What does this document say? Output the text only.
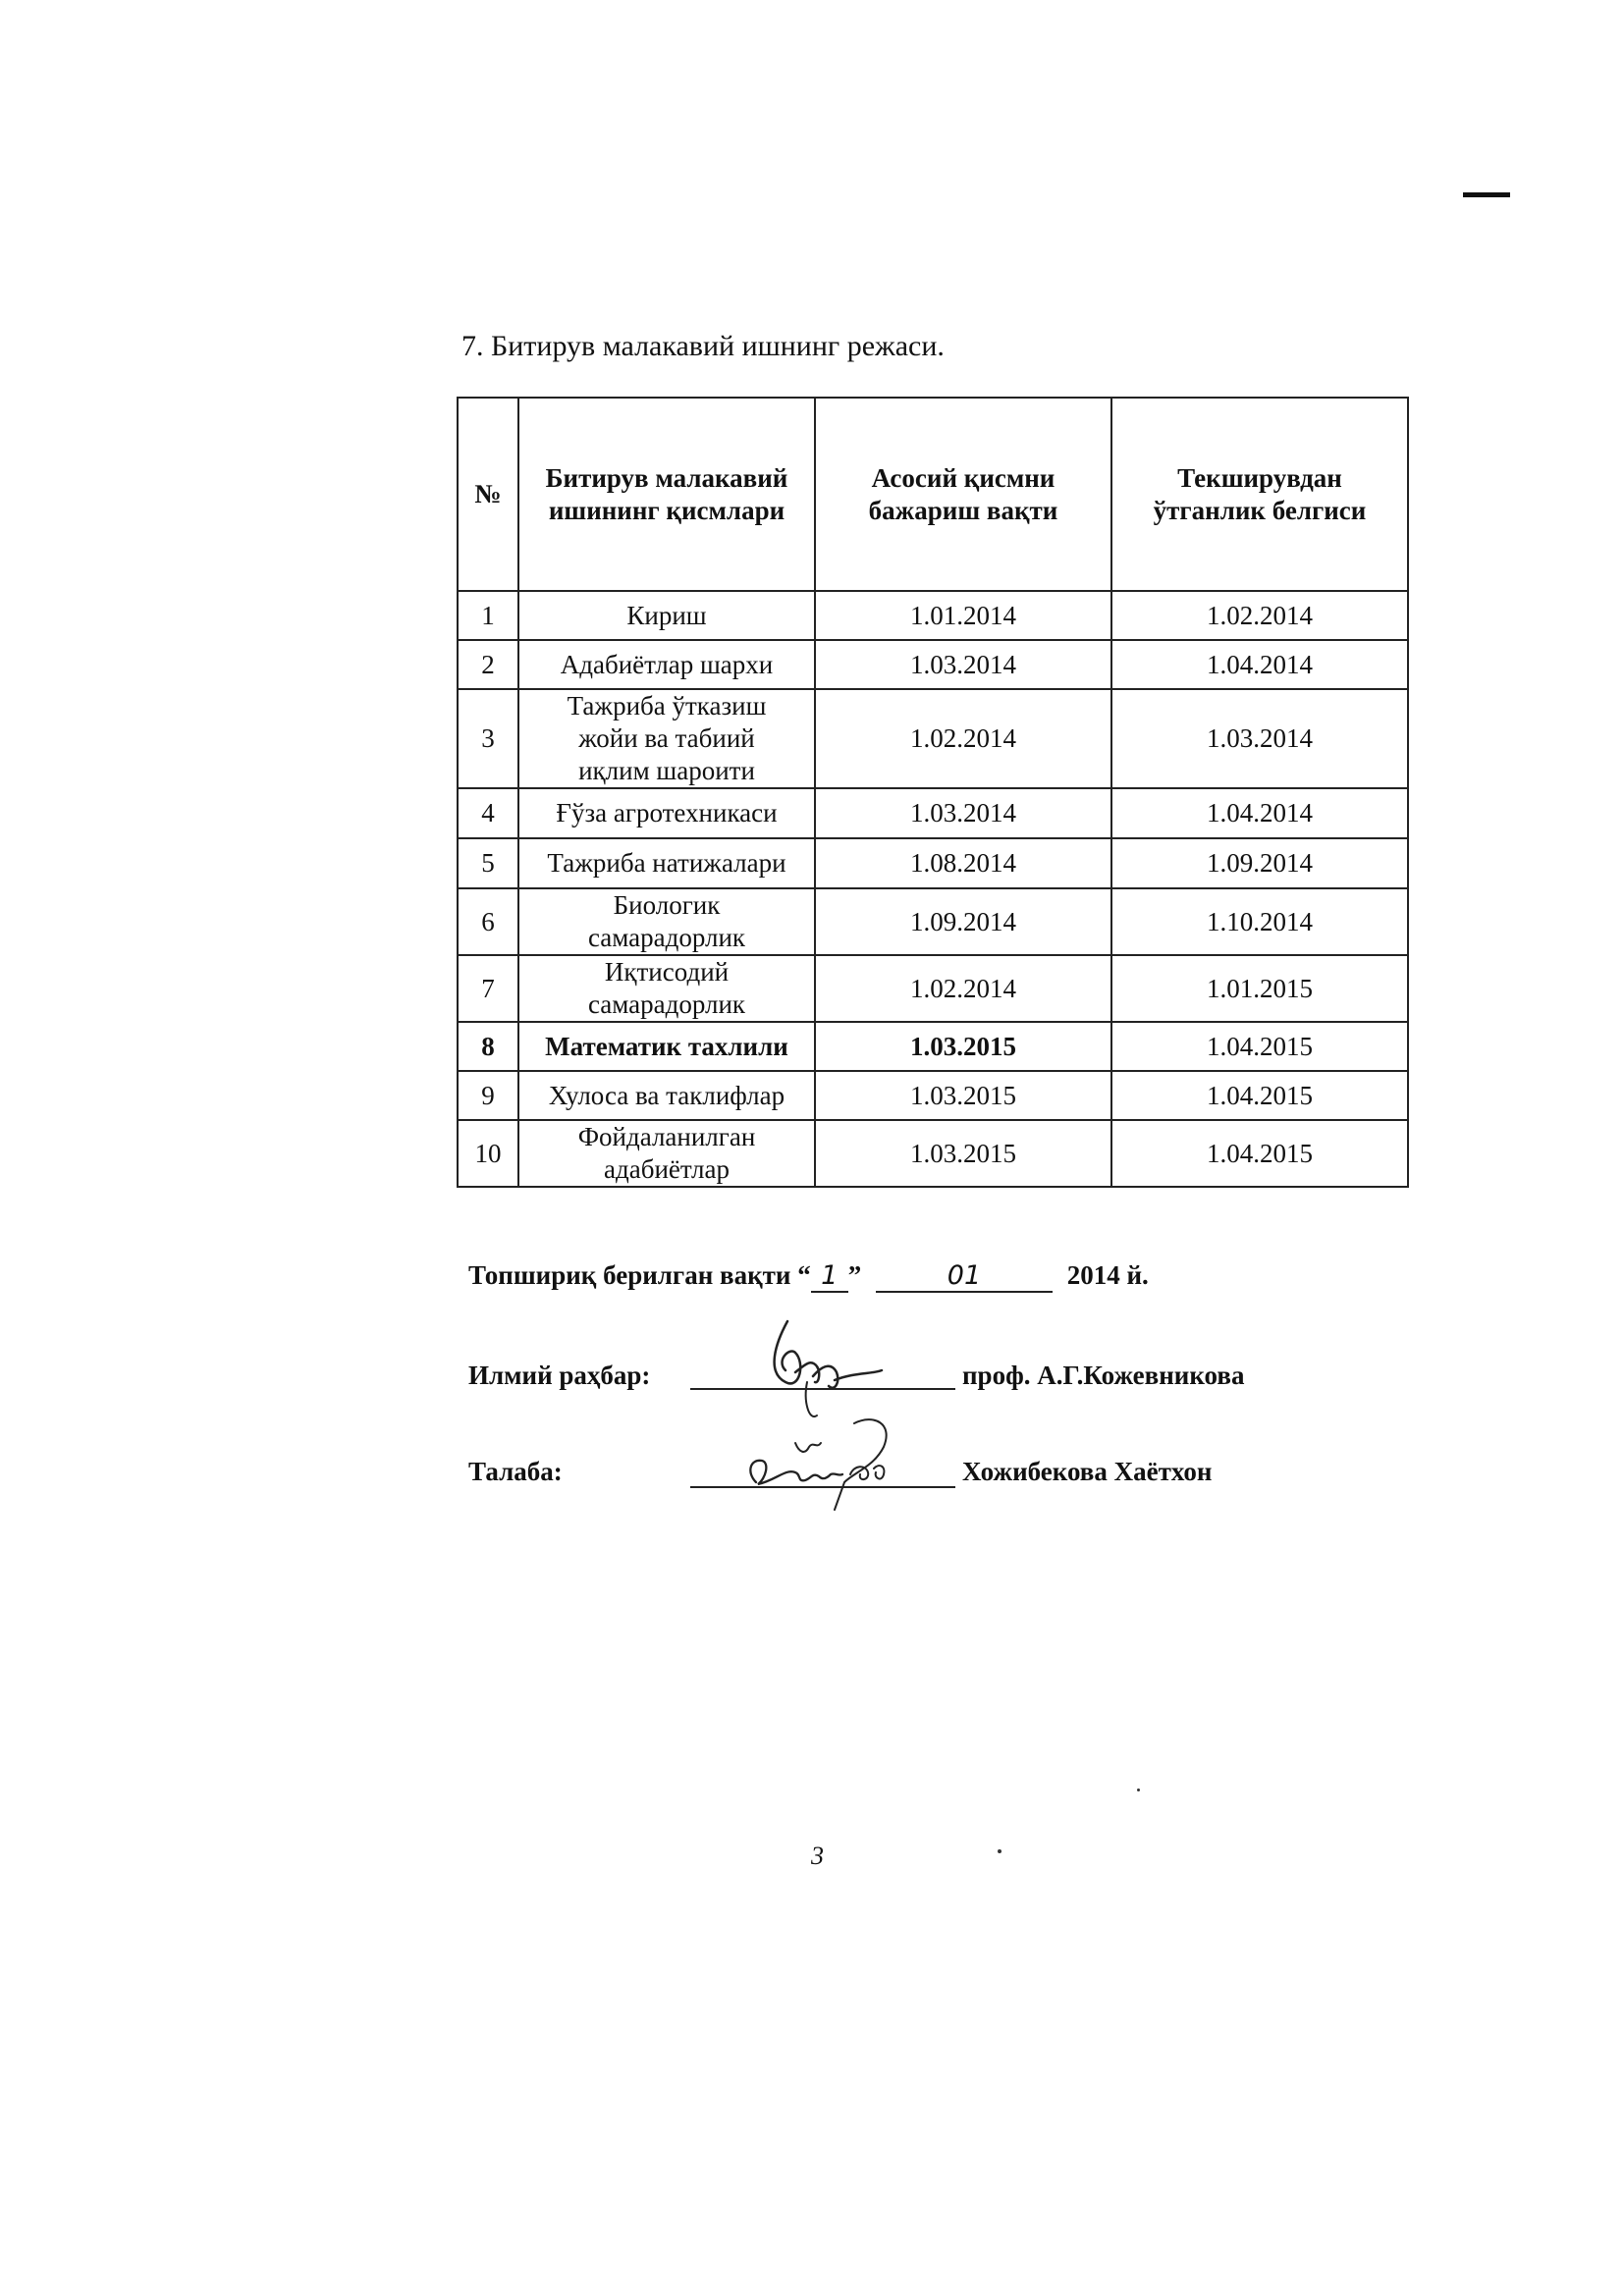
7. Битирув малакавий ишнинг режаси.
№	Битирув малакавий ишининг қисмлари	Асосий қисмни бажариш вақти	Текширувдан ўтганлик белгиси
1	Кириш	1.01.2014	1.02.2014
2	Адабиётлар шархи	1.03.2014	1.04.2014
3	Тажриба ўтказиш жойи ва табиий иқлим шароити	1.02.2014	1.03.2014
4	Ғўза агротехникаси	1.03.2014	1.04.2014
5	Тажриба натижалари	1.08.2014	1.09.2014
6	Биологик самарадорлик	1.09.2014	1.10.2014
7	Иқтисодий самарадорлик	1.02.2014	1.01.2015
8	Математик тахлили	1.03.2015	1.04.2015
9	Хулоса ва таклифлар	1.03.2015	1.04.2015
10	Фойдаланилган адабиётлар	1.03.2015	1.04.2015
Топшириқ берилган вақти “ 1 ”	01	2014 й.
Илмий раҳбар:	проф. А.Г.Кожевникова
Талаба:	Хожибекова Хаётхон
3
